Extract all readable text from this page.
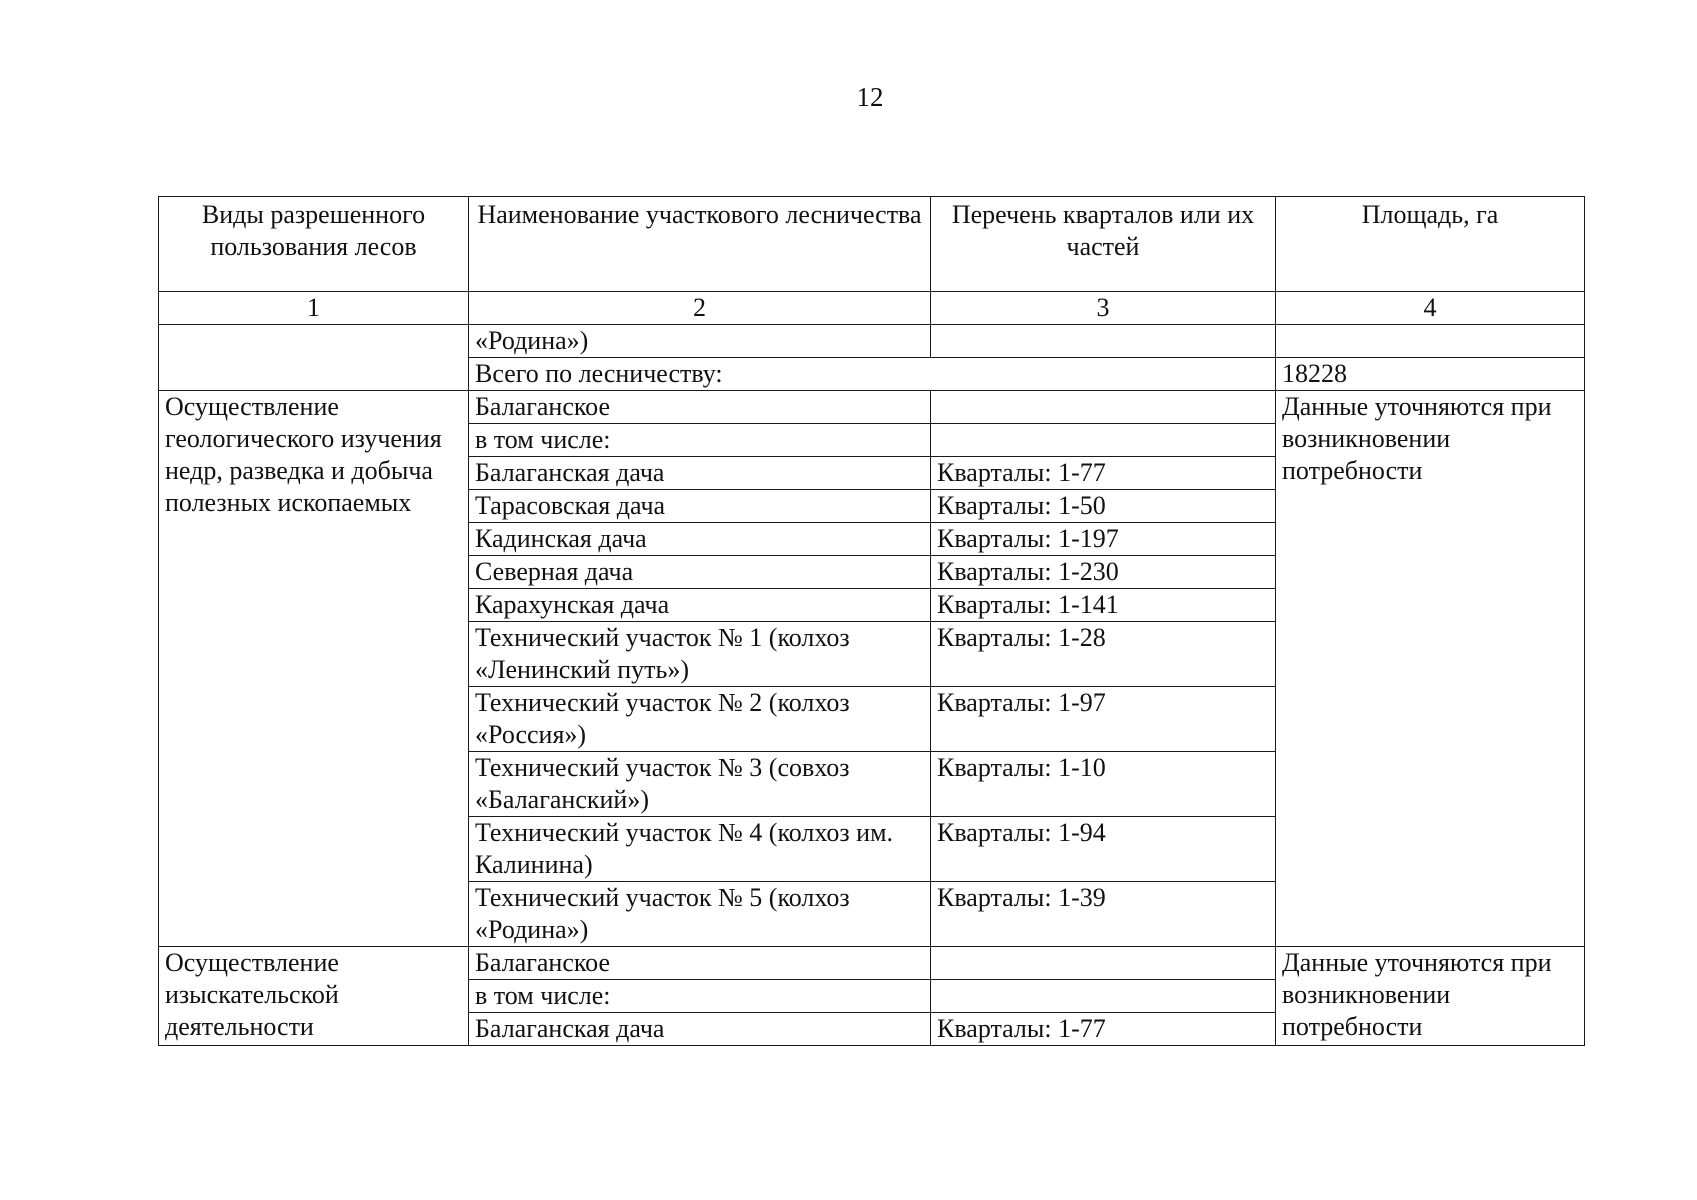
12
Виды разрешенного пользования лесов	Наименование участкового лесничества	Перечень кварталов или их частей	Площадь, га
1	2	3	4
	«Родина»)		
	Всего по лесничеству:		18228
Осуществление геологического изучения недр, разведка и добыча полезных ископаемых	Балаганское		Данные уточняются при возникновении потребности
	в том числе:		
	Балаганская дача	Кварталы: 1-77	
	Тарасовская дача	Кварталы: 1-50	
	Кадинская дача	Кварталы: 1-197	
	Северная дача	Кварталы: 1-230	
	Карахунская дача	Кварталы: 1-141	
	Технический участок № 1 (колхоз «Ленинский путь»)	Кварталы: 1-28	
	Технический участок № 2 (колхоз «Россия»)	Кварталы: 1-97	
	Технический участок № 3 (совхоз «Балаганский»)	Кварталы: 1-10	
	Технический участок № 4 (колхоз им. Калинина)	Кварталы: 1-94	
	Технический участок № 5 (колхоз «Родина»)	Кварталы: 1-39	
Осуществление изыскательской деятельности	Балаганское		Данные уточняются при возникновении потребности
	в том числе:		
	Балаганская дача	Кварталы: 1-77	
